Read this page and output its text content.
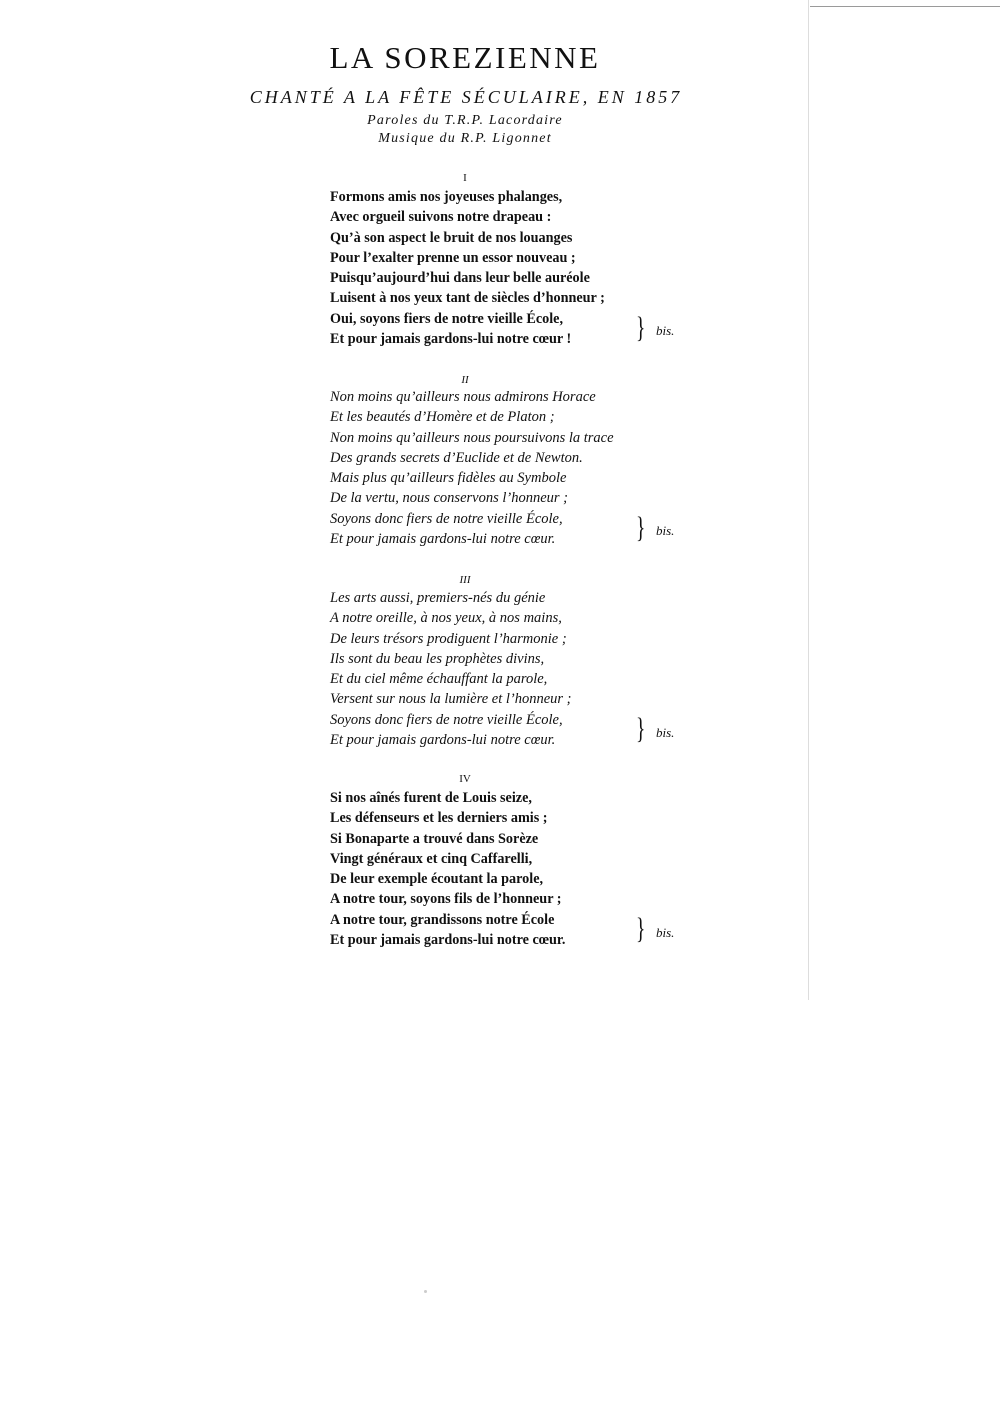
LA SOREZIENNE
CHANTÉ A LA FÊTE SÉCULAIRE, EN 1857
Paroles du T.R.P. Lacordaire
Musique du R.P. Ligonnet
I
Formons amis nos joyeuses phalanges,
Avec orgueil suivons notre drapeau :
Qu’à son aspect le bruit de nos louanges
Pour l’exalter prenne un essor nouveau ;
Puisqu’aujourd’hui dans leur belle auréole
Luisent à nos yeux tant de siècles d’honneur ;
Oui, soyons fiers de notre vieille École,
Et pour jamais gardons-lui notre cœur !	} bis.
II
Non moins qu’ailleurs nous admirons Horace
Et les beautés d’Homère et de Platon ;
Non moins qu’ailleurs nous poursuivons la trace
Des grands secrets d’Euclide et de Newton.
Mais plus qu’ailleurs fidèles au Symbole
De la vertu, nous conservons l’honneur ;
Soyons donc fiers de notre vieille École,
Et pour jamais gardons-lui notre cœur.	} bis.
III
Les arts aussi, premiers-nés du génie
A notre oreille, à nos yeux, à nos mains,
De leurs trésors prodiguent l’harmonie ;
Ils sont du beau les prophètes divins,
Et du ciel même échauffant la parole,
Versent sur nous la lumière et l’honneur ;
Soyons donc fiers de notre vieille École,
Et pour jamais gardons-lui notre cœur.	} bis.
IV
Si nos aînés furent de Louis seize,
Les défenseurs et les derniers amis ;
Si Bonaparte a trouvé dans Sorèze
Vingt généraux et cinq Caffarelli,
De leur exemple écoutant la parole,
A notre tour, soyons fils de l’honneur ;
A notre tour, grandissons notre École
Et pour jamais gardons-lui notre cœur.	} bis.
